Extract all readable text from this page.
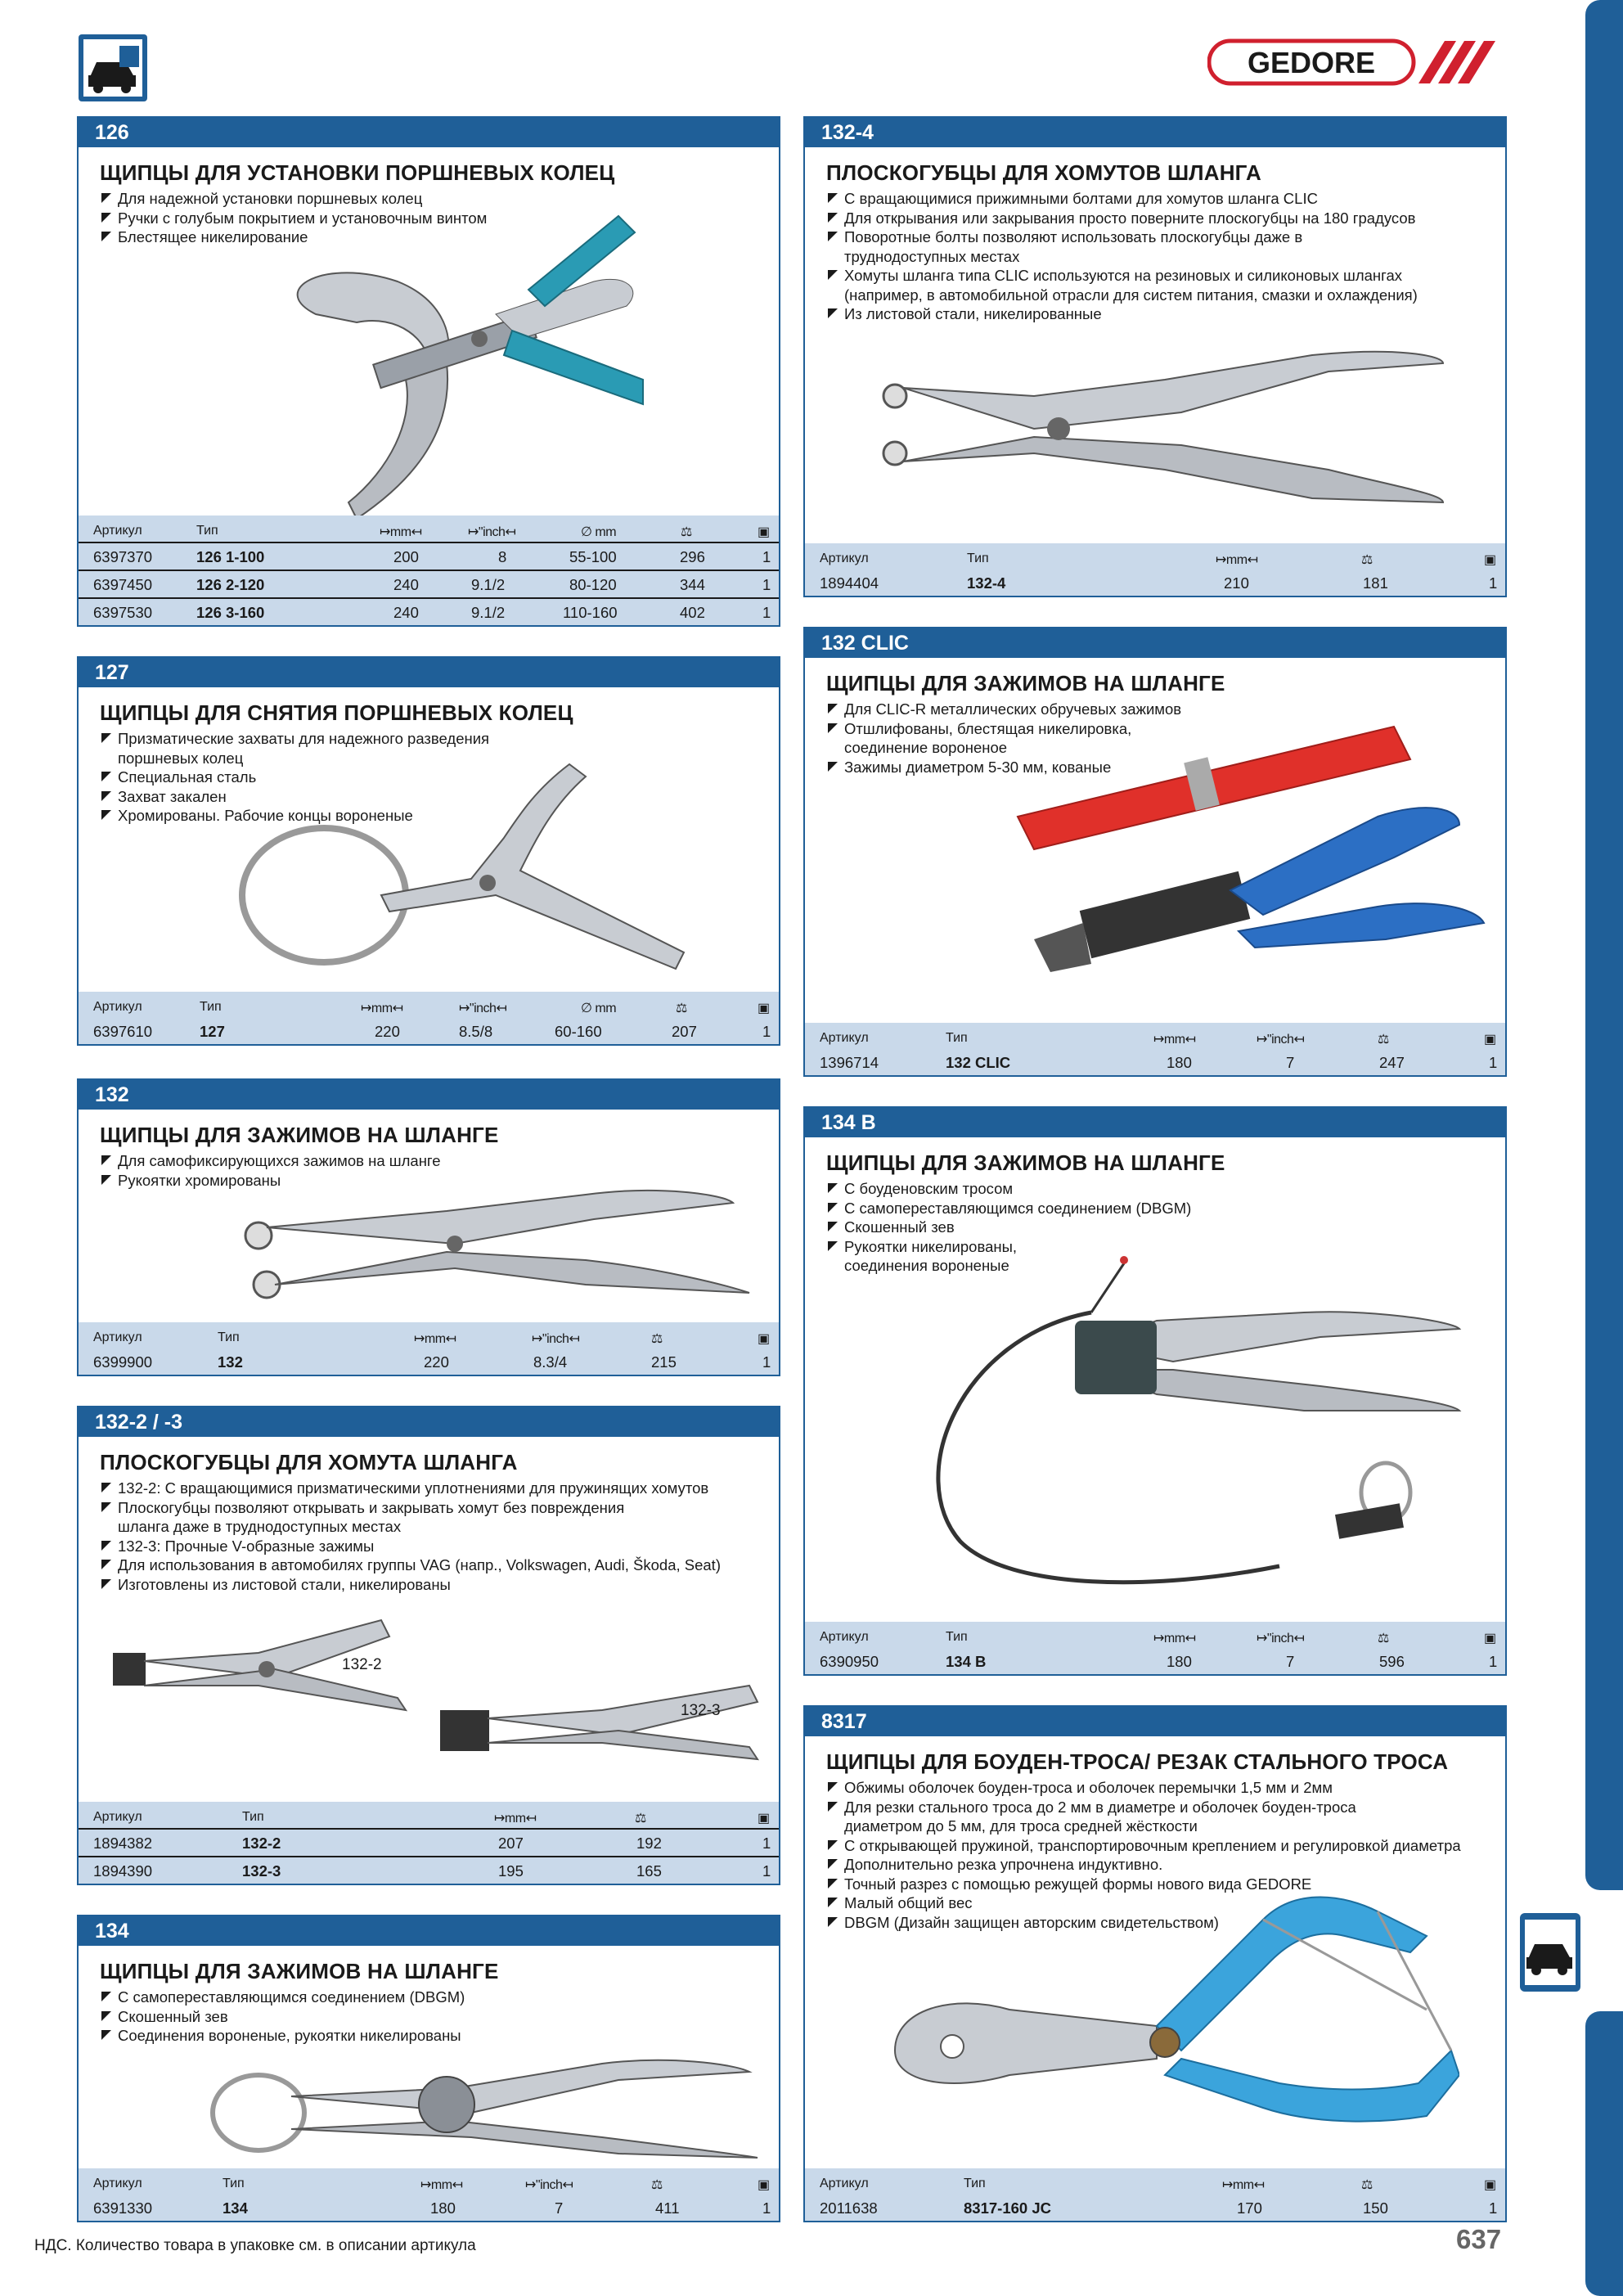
GEDORE
126
ЩИПЦЫ ДЛЯ УСТАНОВКИ ПОРШНЕВЫХ КОЛЕЦ
Для надежной установки поршневых колец
Ручки с голубым покрытием и установочным винтом
Блестящее никелирование
Артикул	Тип	↦mm↤	↦"inch↤	∅ mm	⚖	▣
6397370	126 1-100	200	8	55-100	296	1
6397450	126 2-120	240	9.1/2	80-120	344	1
6397530	126 3-160	240	9.1/2	110-160	402	1
127
ЩИПЦЫ ДЛЯ СНЯТИЯ ПОРШНЕВЫХ КОЛЕЦ
Призматические захваты для надежного разведения
поршневых колец
Специальная сталь
Захват закален
Хромированы. Рабочие концы вороненые
Артикул	Тип	↦mm↤	↦"inch↤	∅ mm	⚖	▣
6397610	127	220	8.5/8	60-160	207	1
132
ЩИПЦЫ ДЛЯ ЗАЖИМОВ НА ШЛАНГЕ
Для самофиксирующихся зажимов на шланге
Рукоятки хромированы
Артикул	Тип	↦mm↤	↦"inch↤	⚖	▣
6399900	132	220	8.3/4	215	1
132-2 / -3
ПЛОСКОГУБЦЫ ДЛЯ ХОМУТА ШЛАНГА
132-2: С вращающимися призматическими уплотнениями для пружинящих хомутов
Плоскогубцы позволяют открывать и закрывать хомут без повреждения
шланга даже в труднодоступных местах
132-3: Прочные V-образные зажимы
Для использования в автомобилях группы VAG (напр., Volkswagen, Audi, Škoda, Seat)
Изготовлены из листовой стали, никелированы
132-2
132-3
Артикул	Тип	↦mm↤	⚖	▣
1894382	132-2	207	192	1
1894390	132-3	195	165	1
134
ЩИПЦЫ ДЛЯ ЗАЖИМОВ НА ШЛАНГЕ
С самопереставляющимся соединением (DBGM)
Скошенный зев
Соединения вороненые, рукоятки никелированы
Артикул	Тип	↦mm↤	↦"inch↤	⚖	▣
6391330	134	180	7	411	1
132-4
ПЛОСКОГУБЦЫ ДЛЯ ХОМУТОВ ШЛАНГА
С вращающимися прижимными болтами для хомутов шланга CLIC
Для открывания или закрывания просто поверните плоскогубцы на 180 градусов
Поворотные болты позволяют использовать плоскогубцы даже в
труднодоступных местах
Хомуты шланга типа CLIC используются на резиновых и силиконовых шлангах
(например, в автомобильной отрасли для систем питания, смазки и охлаждения)
Из листовой стали, никелированные
Артикул	Тип	↦mm↤	⚖	▣
1894404	132-4	210	181	1
132 CLIC
ЩИПЦЫ ДЛЯ ЗАЖИМОВ НА ШЛАНГЕ
Для CLIC-R металлических обручевых зажимов
Отшлифованы, блестящая никелировка,
соединение вороненое
Зажимы диаметром 5-30 мм, кованые
Артикул	Тип	↦mm↤	↦"inch↤	⚖	▣
1396714	132 CLIC	180	7	247	1
134 B
ЩИПЦЫ ДЛЯ ЗАЖИМОВ НА ШЛАНГЕ
С боуденовским тросом
С самопереставляющимся соединением (DBGM)
Скошенный зев
Рукоятки никелированы,
соединения вороненые
Артикул	Тип	↦mm↤	↦"inch↤	⚖	▣
6390950	134 B	180	7	596	1
8317
ЩИПЦЫ ДЛЯ БОУДЕН-ТРОСА/ РЕЗАК СТАЛЬНОГО ТРОСА
Обжимы оболочек боуден-троса и оболочек перемычки 1,5 мм и 2мм
Для резки стального троса до 2 мм в диаметре и оболочек боуден-троса
диаметром до 5 мм, для троса средней жёсткости
С открывающей пружиной, транспортировочным креплением и регулировкой диаметра
Дополнительно резка упрочнена индуктивно.
Точный разрез с помощью режущей формы нового вида GEDORE
Малый общий вес
DBGM (Дизайн защищен авторским свидетельством)
Артикул	Тип	↦mm↤	⚖	▣
2011638	8317-160 JC	170	150	1
НДС. Количество товара в упаковке см. в описании артикула	637
